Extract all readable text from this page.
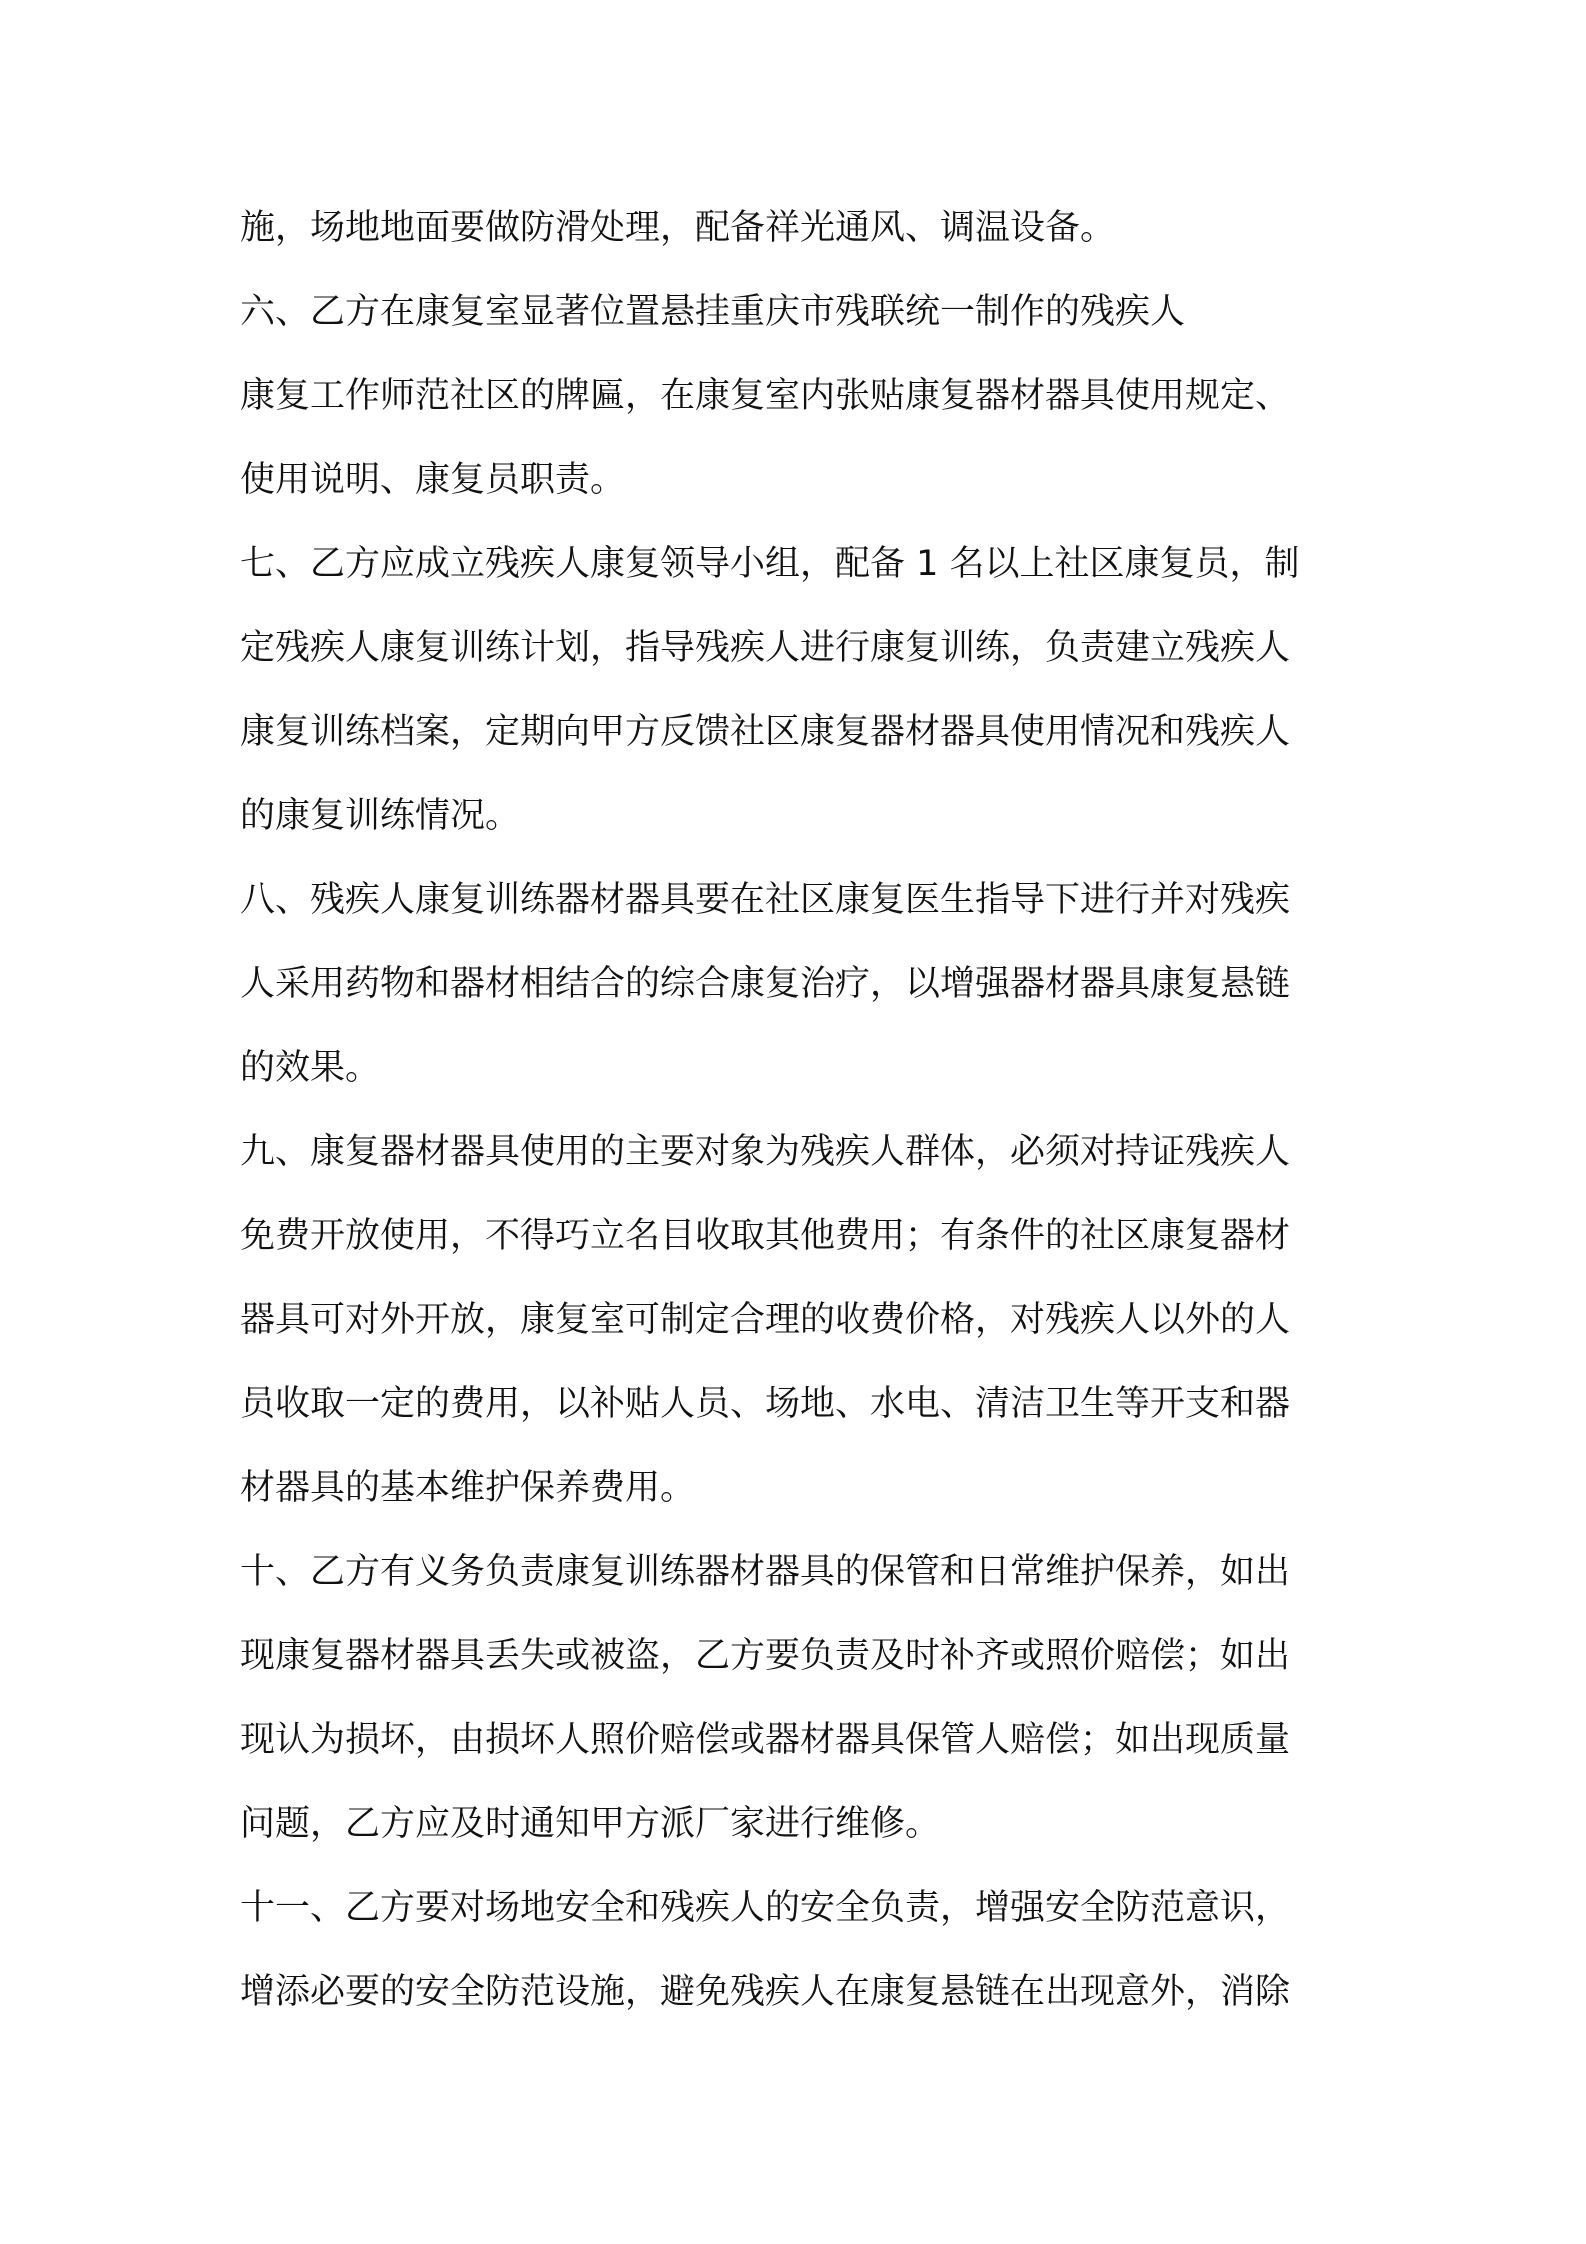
施，场地地面要做防滑处理，配备祥光通风、调温设备。
六、乙方在康复室显著位置悬挂重庆市残联统一制作的残疾人
康复工作师范社区的牌匾，在康复室内张贴康复器材器具使用规定、
使用说明、康复员职责。
七、乙方应成立残疾人康复领导小组，配备 1 名以上社区康复员，制
定残疾人康复训练计划，指导残疾人进行康复训练，负责建立残疾人
康复训练档案，定期向甲方反馈社区康复器材器具使用情况和残疾人
的康复训练情况。
八、残疾人康复训练器材器具要在社区康复医生指导下进行并对残疾
人采用药物和器材相结合的综合康复治疗，以增强器材器具康复悬链
的效果。
九、康复器材器具使用的主要对象为残疾人群体，必须对持证残疾人
免费开放使用，不得巧立名目收取其他费用；有条件的社区康复器材
器具可对外开放，康复室可制定合理的收费价格，对残疾人以外的人
员收取一定的费用，以补贴人员、场地、水电、清洁卫生等开支和器
材器具的基本维护保养费用。
十、乙方有义务负责康复训练器材器具的保管和日常维护保养，如出
现康复器材器具丢失或被盗，乙方要负责及时补齐或照价赔偿；如出
现认为损坏，由损坏人照价赔偿或器材器具保管人赔偿；如出现质量
问题，乙方应及时通知甲方派厂家进行维修。
十一、乙方要对场地安全和残疾人的安全负责，增强安全防范意识，
增添必要的安全防范设施，避免残疾人在康复悬链在出现意外，消除
